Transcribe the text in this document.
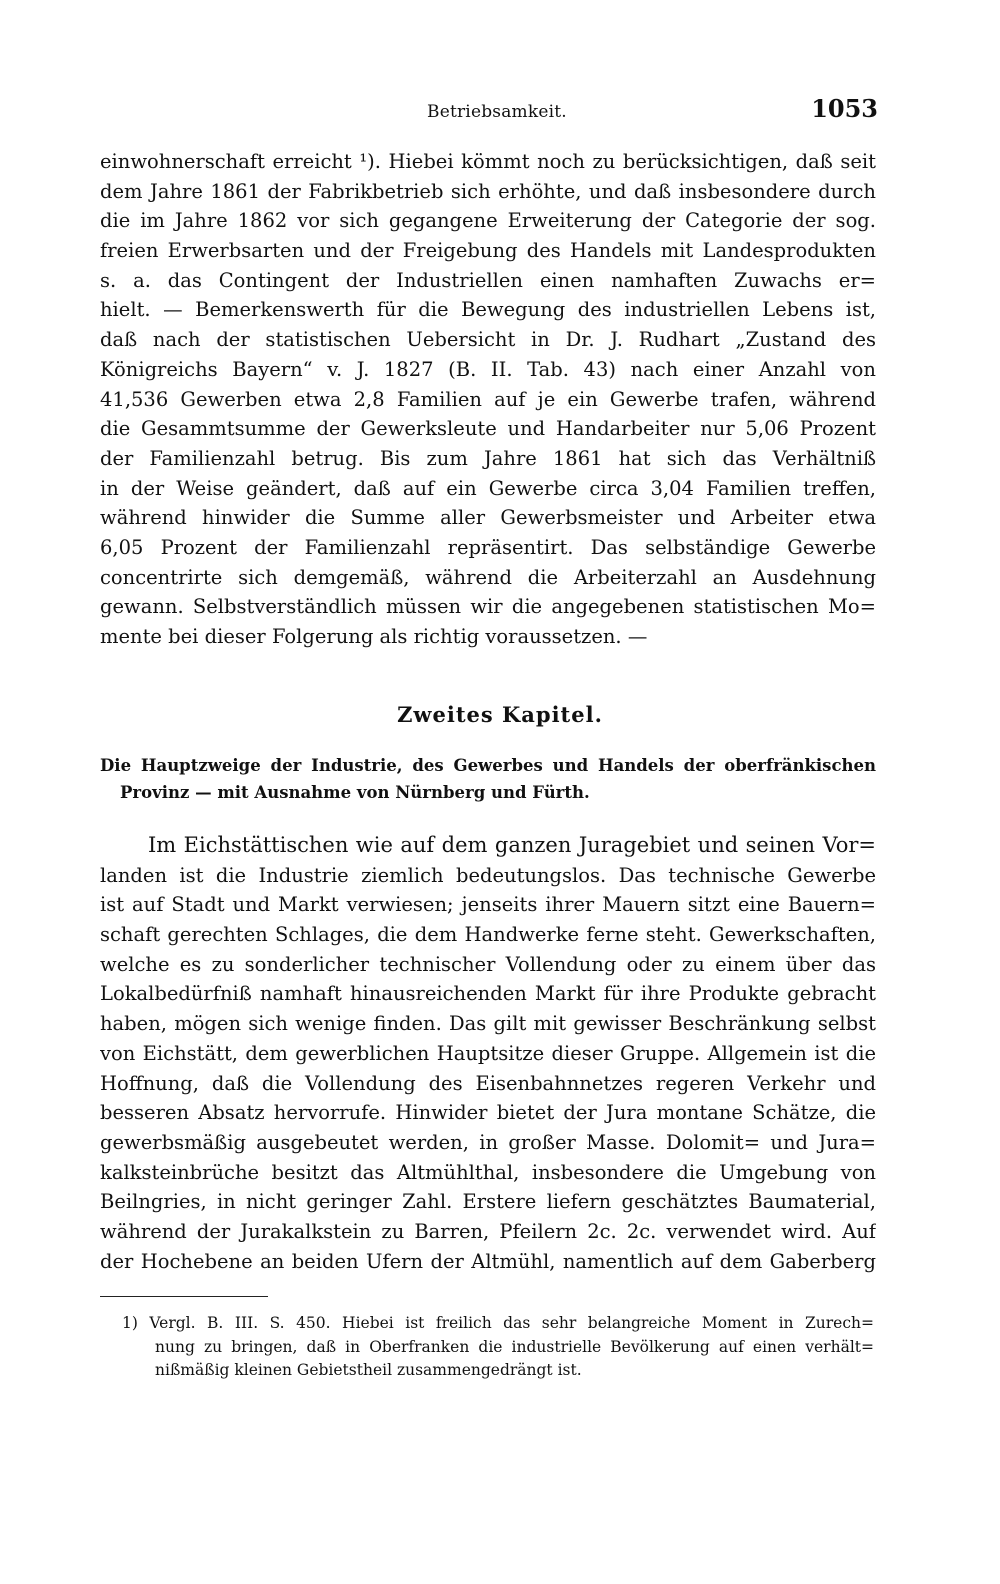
Betriebsamkeit.	1053
einwohnerschaft erreicht ¹). Hiebei kömmt noch zu berücksichtigen, daß seit
dem Jahre 1861 der Fabrikbetrieb sich erhöhte, und daß insbesondere durch
die im Jahre 1862 vor sich gegangene Erweiterung der Categorie der sog.
freien Erwerbsarten und der Freigebung des Handels mit Landesprodukten
s. a. das Contingent der Industriellen einen namhaften Zuwachs er=
hielt. — Bemerkenswerth für die Bewegung des industriellen Lebens ist,
daß nach der statistischen Uebersicht in Dr. J. Rudhart „Zustand des
Königreichs Bayern“ v. J. 1827 (B. II. Tab. 43) nach einer Anzahl von
41,536 Gewerben etwa 2,8 Familien auf je ein Gewerbe trafen, während
die Gesammtsumme der Gewerksleute und Handarbeiter nur 5,06 Prozent
der Familienzahl betrug. Bis zum Jahre 1861 hat sich das Verhältniß
in der Weise geändert, daß auf ein Gewerbe circa 3,04 Familien treffen,
während hinwider die Summe aller Gewerbsmeister und Arbeiter etwa
6,05 Prozent der Familienzahl repräsentirt. Das selbständige Gewerbe
concentrirte sich demgemäß, während die Arbeiterzahl an Ausdehnung
gewann. Selbstverständlich müssen wir die angegebenen statistischen Mo=
mente bei dieser Folgerung als richtig voraussetzen. —
Zweites Kapitel.
Die Hauptzweige der Industrie, des Gewerbes und Handels der oberfränkischen
Provinz — mit Ausnahme von Nürnberg und Fürth.
Im Eichstättischen wie auf dem ganzen Juragebiet und seinen Vor=
landen ist die Industrie ziemlich bedeutungslos. Das technische Gewerbe
ist auf Stadt und Markt verwiesen; jenseits ihrer Mauern sitzt eine Bauern=
schaft gerechten Schlages, die dem Handwerke ferne steht. Gewerkschaften,
welche es zu sonderlicher technischer Vollendung oder zu einem über das
Lokalbedürfniß namhaft hinausreichenden Markt für ihre Produkte gebracht
haben, mögen sich wenige finden. Das gilt mit gewisser Beschränkung selbst
von Eichstätt, dem gewerblichen Hauptsitze dieser Gruppe. Allgemein ist die
Hoffnung, daß die Vollendung des Eisenbahnnetzes regeren Verkehr und
besseren Absatz hervorrufe. Hinwider bietet der Jura montane Schätze, die
gewerbsmäßig ausgebeutet werden, in großer Masse. Dolomit= und Jura=
kalksteinbrüche besitzt das Altmühlthal, insbesondere die Umgebung von
Beilngries, in nicht geringer Zahl. Erstere liefern geschätztes Baumaterial,
während der Jurakalkstein zu Barren, Pfeilern 2c. 2c. verwendet wird. Auf
der Hochebene an beiden Ufern der Altmühl, namentlich auf dem Gaberberg
1) Vergl. B. III. S. 450. Hiebei ist freilich das sehr belangreiche Moment in Zurech=
nung zu bringen, daß in Oberfranken die industrielle Bevölkerung auf einen verhält=
nißmäßig kleinen Gebietstheil zusammengedrängt ist.
